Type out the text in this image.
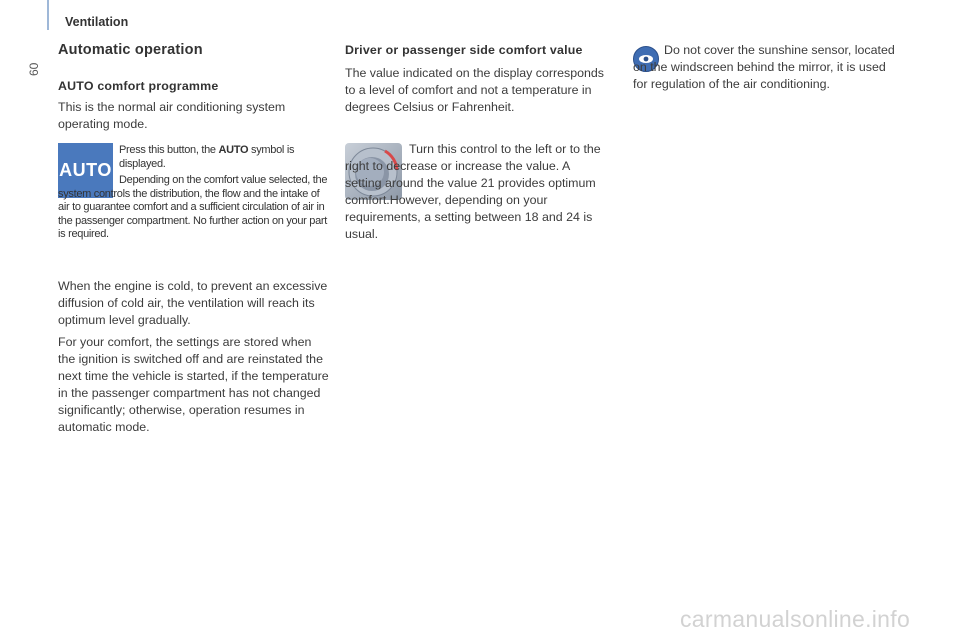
Ventilation
60
Automatic operation
AUTO comfort programme

This is the normal air conditioning system operating mode.

AUTO

Press this button, the AUTO symbol is displayed.

Depending on the comfort value selected, the system controls the distribution, the flow and the intake of air to guarantee comfort and a sufficient circulation of air in the passenger compartment. No further action on your part is required.

When the engine is cold, to prevent an excessive diffusion of cold air, the ventilation will reach its optimum level gradually.

For your comfort, the settings are stored when the ignition is switched off and are reinstated the next time the vehicle is started, if the temperature in the passenger compartment has not changed significantly; otherwise, operation resumes in automatic mode.

Driver or passenger side comfort value

The value indicated on the display corresponds to a level of comfort and not a temperature in degrees Celsius or Fahrenheit.

Turn this control to the left or to the right to decrease or increase the value. A setting around the value 21 provides optimum comfort.However, depending on your requirements, a setting between 18 and 24 is usual.

Do not cover the sunshine sensor, located on the windscreen behind the mirror, it is used for regulation of the air conditioning.

carmanualsonline.info
